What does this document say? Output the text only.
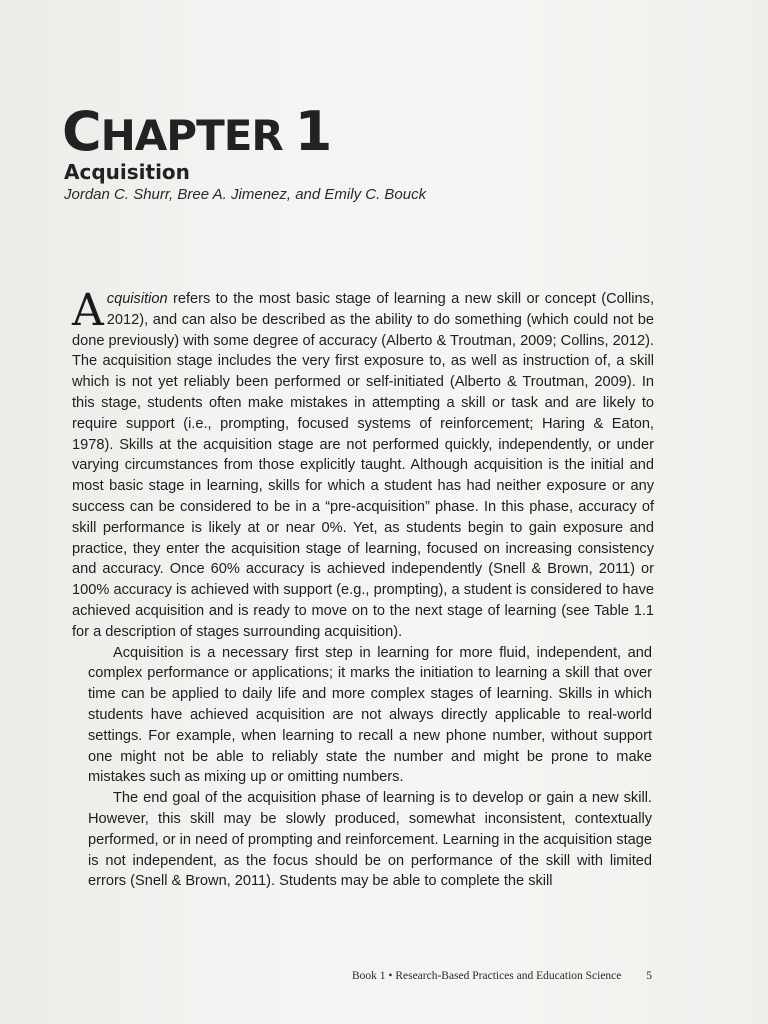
CHAPTER 1
Acquisition
Jordan C. Shurr, Bree A. Jimenez, and Emily C. Bouck

Acquisition refers to the most basic stage of learning a new skill or concept (Collins, 2012), and can also be described as the ability to do something (which could not be done previously) with some degree of accuracy (Alberto & Troutman, 2009; Collins, 2012). The acquisition stage includes the very first exposure to, as well as instruction of, a skill which is not yet reliably been performed or self-initiated (Alberto & Troutman, 2009). In this stage, students often make mistakes in attempting a skill or task and are likely to require support (i.e., prompting, focused systems of reinforcement; Haring & Eaton, 1978). Skills at the acquisition stage are not performed quickly, independently, or under varying circumstances from those explicitly taught. Although acquisition is the initial and most basic stage in learning, skills for which a student has had neither exposure or any success can be considered to be in a “pre-acquisition” phase. In this phase, accuracy of skill performance is likely at or near 0%. Yet, as students begin to gain exposure and practice, they enter the acquisition stage of learning, focused on increasing consistency and accuracy. Once 60% accuracy is achieved independently (Snell & Brown, 2011) or 100% accuracy is achieved with support (e.g., prompting), a student is considered to have achieved acquisition and is ready to move on to the next stage of learning (see Table 1.1 for a description of stages surrounding acquisition).

Acquisition is a necessary first step in learning for more fluid, independent, and complex performance or applications; it marks the initiation to learning a skill that over time can be applied to daily life and more complex stages of learning. Skills in which students have achieved acquisition are not always directly applicable to real-world settings. For example, when learning to recall a new phone number, without support one might not be able to reliably state the number and might be prone to make mistakes such as mixing up or omitting numbers.

The end goal of the acquisition phase of learning is to develop or gain a new skill. However, this skill may be slowly produced, somewhat inconsistent, contextually performed, or in need of prompting and reinforcement. Learning in the acquisition stage is not independent, as the focus should be on performance of the skill with limited errors (Snell & Brown, 2011). Students may be able to complete the skill

Book 1 • Research-Based Practices and Education Science 5
